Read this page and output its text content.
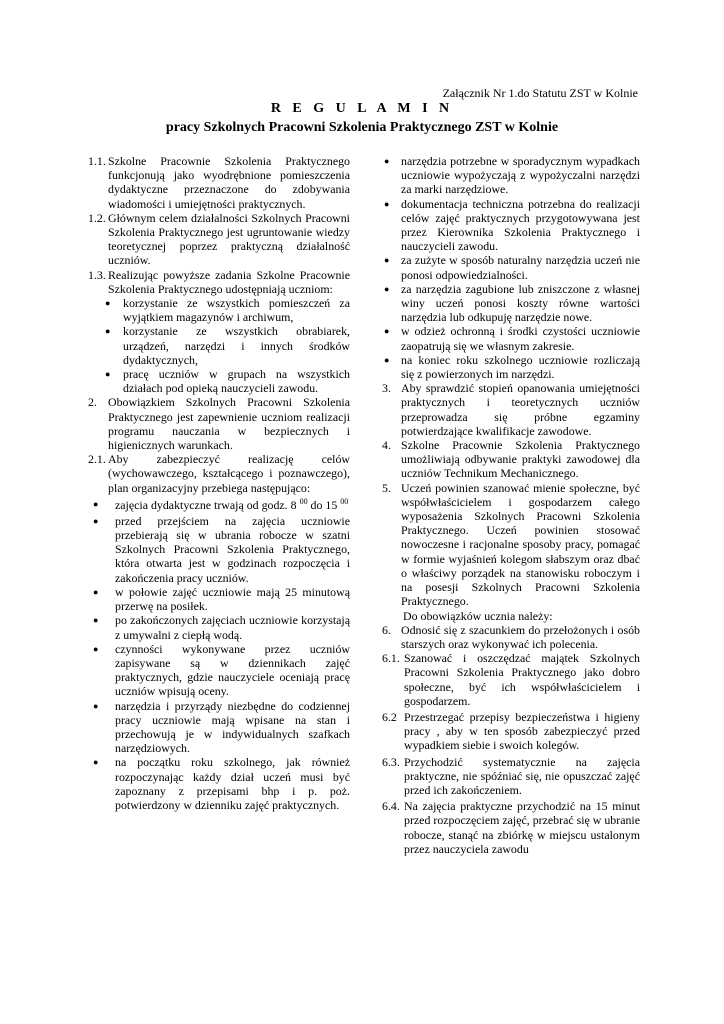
Załącznik Nr 1.do Statutu ZST w Kolnie
R E G U L A M I N
pracy Szkolnych Pracowni Szkolenia Praktycznego ZST w Kolnie
1.1. Szkolne Pracownie Szkolenia Praktycznego funkcjonują jako wyodrębnione pomieszczenia dydaktyczne przeznaczone do zdobywania wiadomości i umiejętności praktycznych.
1.2. Głównym celem działalności Szkolnych Pracowni Szkolenia Praktycznego jest ugruntowanie wiedzy teoretycznej poprzez praktyczną działalność uczniów.
1.3. Realizując powyższe zadania Szkolne Pracownie Szkolenia Praktycznego udostępniają uczniom:
●	korzystanie ze wszystkich pomieszczeń za wyjątkiem magazynów i archiwum,
●	korzystanie ze wszystkich obrabiarek, urządzeń, narzędzi i innych środków dydaktycznych,
●	pracę uczniów w grupach na wszystkich działach pod opieką nauczycieli zawodu.
2. Obowiązkiem Szkolnych Pracowni Szkolenia Praktycznego jest zapewnienie uczniom realizacji programu nauczania w bezpiecznych i higienicznych warunkach.
2.1. Aby zabezpieczyć realizację celów (wychowawczego, kształcącego i poznawczego), plan organizacyjny przebiega następująco:
●	zajęcia dydaktyczne trwają od godz. 8 $^{00}$ do 15 $^{00}$
●	przed przejściem na zajęcia uczniowie przebierają się w ubrania robocze w szatni Szkolnych Pracowni Szkolenia Praktycznego, która otwarta jest w godzinach rozpoczęcia i zakończenia pracy uczniów.
●	w połowie zajęć uczniowie mają 25 minutową przerwę na posiłek.
●	po zakończonych zajęciach uczniowie korzystają z umywalni z ciepłą wodą.
●	czynności wykonywane przez uczniów zapisywane są w dziennikach zajęć praktycznych, gdzie nauczyciele oceniają pracę uczniów wpisują oceny.
●	narzędzia i przyrządy niezbędne do codziennej pracy uczniowie mają wpisane na stan i przechowują je w indywidualnych szafkach narzędziowych.
●	na początku roku szkolnego, jak również rozpoczynając każdy dział uczeń musi być zapoznany z przepisami bhp i p. poż. potwierdzony w dzienniku zajęć praktycznych.
● narzędzia potrzebne w sporadycznym wypadkach uczniowie wypożyczają z wypożyczalni narzędzi za marki narzędziowe.
● dokumentacja techniczna potrzebna do realizacji celów zajęć praktycznych przygotowywana jest przez Kierownika Szkolenia Praktycznego i nauczycieli zawodu.
● za zużyte w sposób naturalny narzędzia uczeń nie ponosi odpowiedzialności.
● za narzędzia zagubione lub zniszczone z własnej winy uczeń ponosi koszty równe wartości narzędzia lub odkupuję narzędzie nowe.
● w odzież ochronną i środki czystości uczniowie zaopatrują się we własnym zakresie.
● na koniec roku szkolnego uczniowie rozliczają się z powierzonych im narzędzi.
3. Aby sprawdzić stopień opanowania umiejętności praktycznych i teoretycznych uczniów przeprowadza się próbne egzaminy potwierdzające kwalifikacje zawodowe.
4. Szkolne Pracownie Szkolenia Praktycznego umożliwiają odbywanie praktyki zawodowej dla uczniów Technikum Mechanicznego.
5. Uczeń powinien szanować mienie społeczne, być współwłaścicielem i gospodarzem całego wyposażenia Szkolnych Pracowni Szkolenia Praktycznego. Uczeń powinien stosować nowoczesne i racjonalne sposoby pracy, pomagać w formie wyjaśnień kolegom słabszym oraz dbać o właściwy porządek na stanowisku roboczym i na posesji Szkolnych Pracowni Szkolenia Praktycznego.
Do obowiązków ucznia należy:
6. Odnosić się z szacunkiem do przełożonych i osób starszych oraz wykonywać ich polecenia.
6.1. Szanować i oszczędzać majątek Szkolnych Pracowni Szkolenia Praktycznego jako dobro społeczne, być ich współwłaścicielem i gospodarzem.
6.2 Przestrzegać przepisy bezpieczeństwa i higieny pracy , aby w ten sposób zabezpieczyć przed wypadkiem siebie i swoich kolegów.
6.3. Przychodzić systematycznie na zajęcia praktyczne, nie spóźniać się, nie opuszczać zajęć przed ich zakończeniem.
6.4. Na zajęcia praktyczne przychodzić na 15 minut przed rozpoczęciem zajęć, przebrać się w ubranie robocze, stanąć na zbiórkę w miejscu ustalonym przez nauczyciela zawodu
